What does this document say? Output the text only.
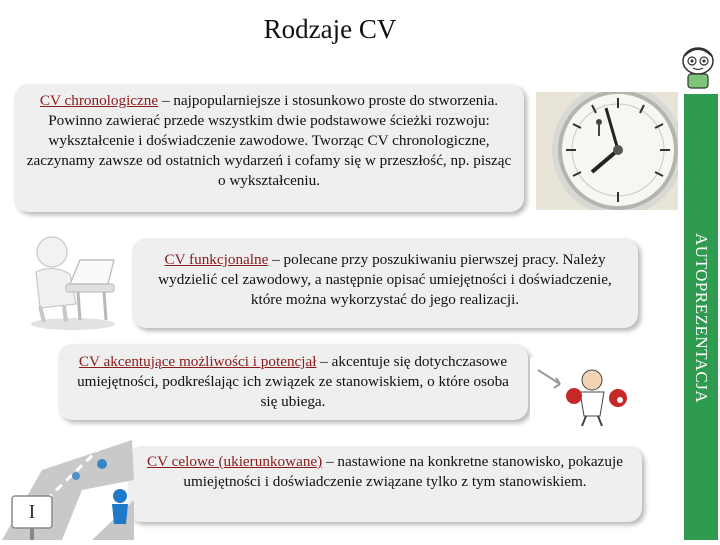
Rodzaje CV
AUTOPREZENTACJA
CV chronologiczne – najpopularniejsze i stosunkowo proste do stworzenia. Powinno zawierać przede wszystkim dwie podstawowe ścieżki rozwoju: wykształcenie i doświadczenie zawodowe. Tworząc CV chronologiczne, zaczynamy zawsze od ostatnich wydarzeń i cofamy się w przeszłość, np. pisząc o wykształceniu.
CV funkcjonalne – polecane przy poszukiwaniu pierwszej pracy. Należy wydzielić cel zawodowy, a następnie opisać umiejętności i doświadczenie, które można wykorzystać do jego realizacji.
CV akcentujące możliwości i potencjał – akcentuje się dotychczasowe umiejętności, podkreślając ich związek ze stanowiskiem, o które osoba się ubiega.
CV celowe (ukierunkowane) – nastawione na konkretne stanowisko, pokazuje umiejętności i doświadczenie związane tylko z tym stanowiskiem.
I
